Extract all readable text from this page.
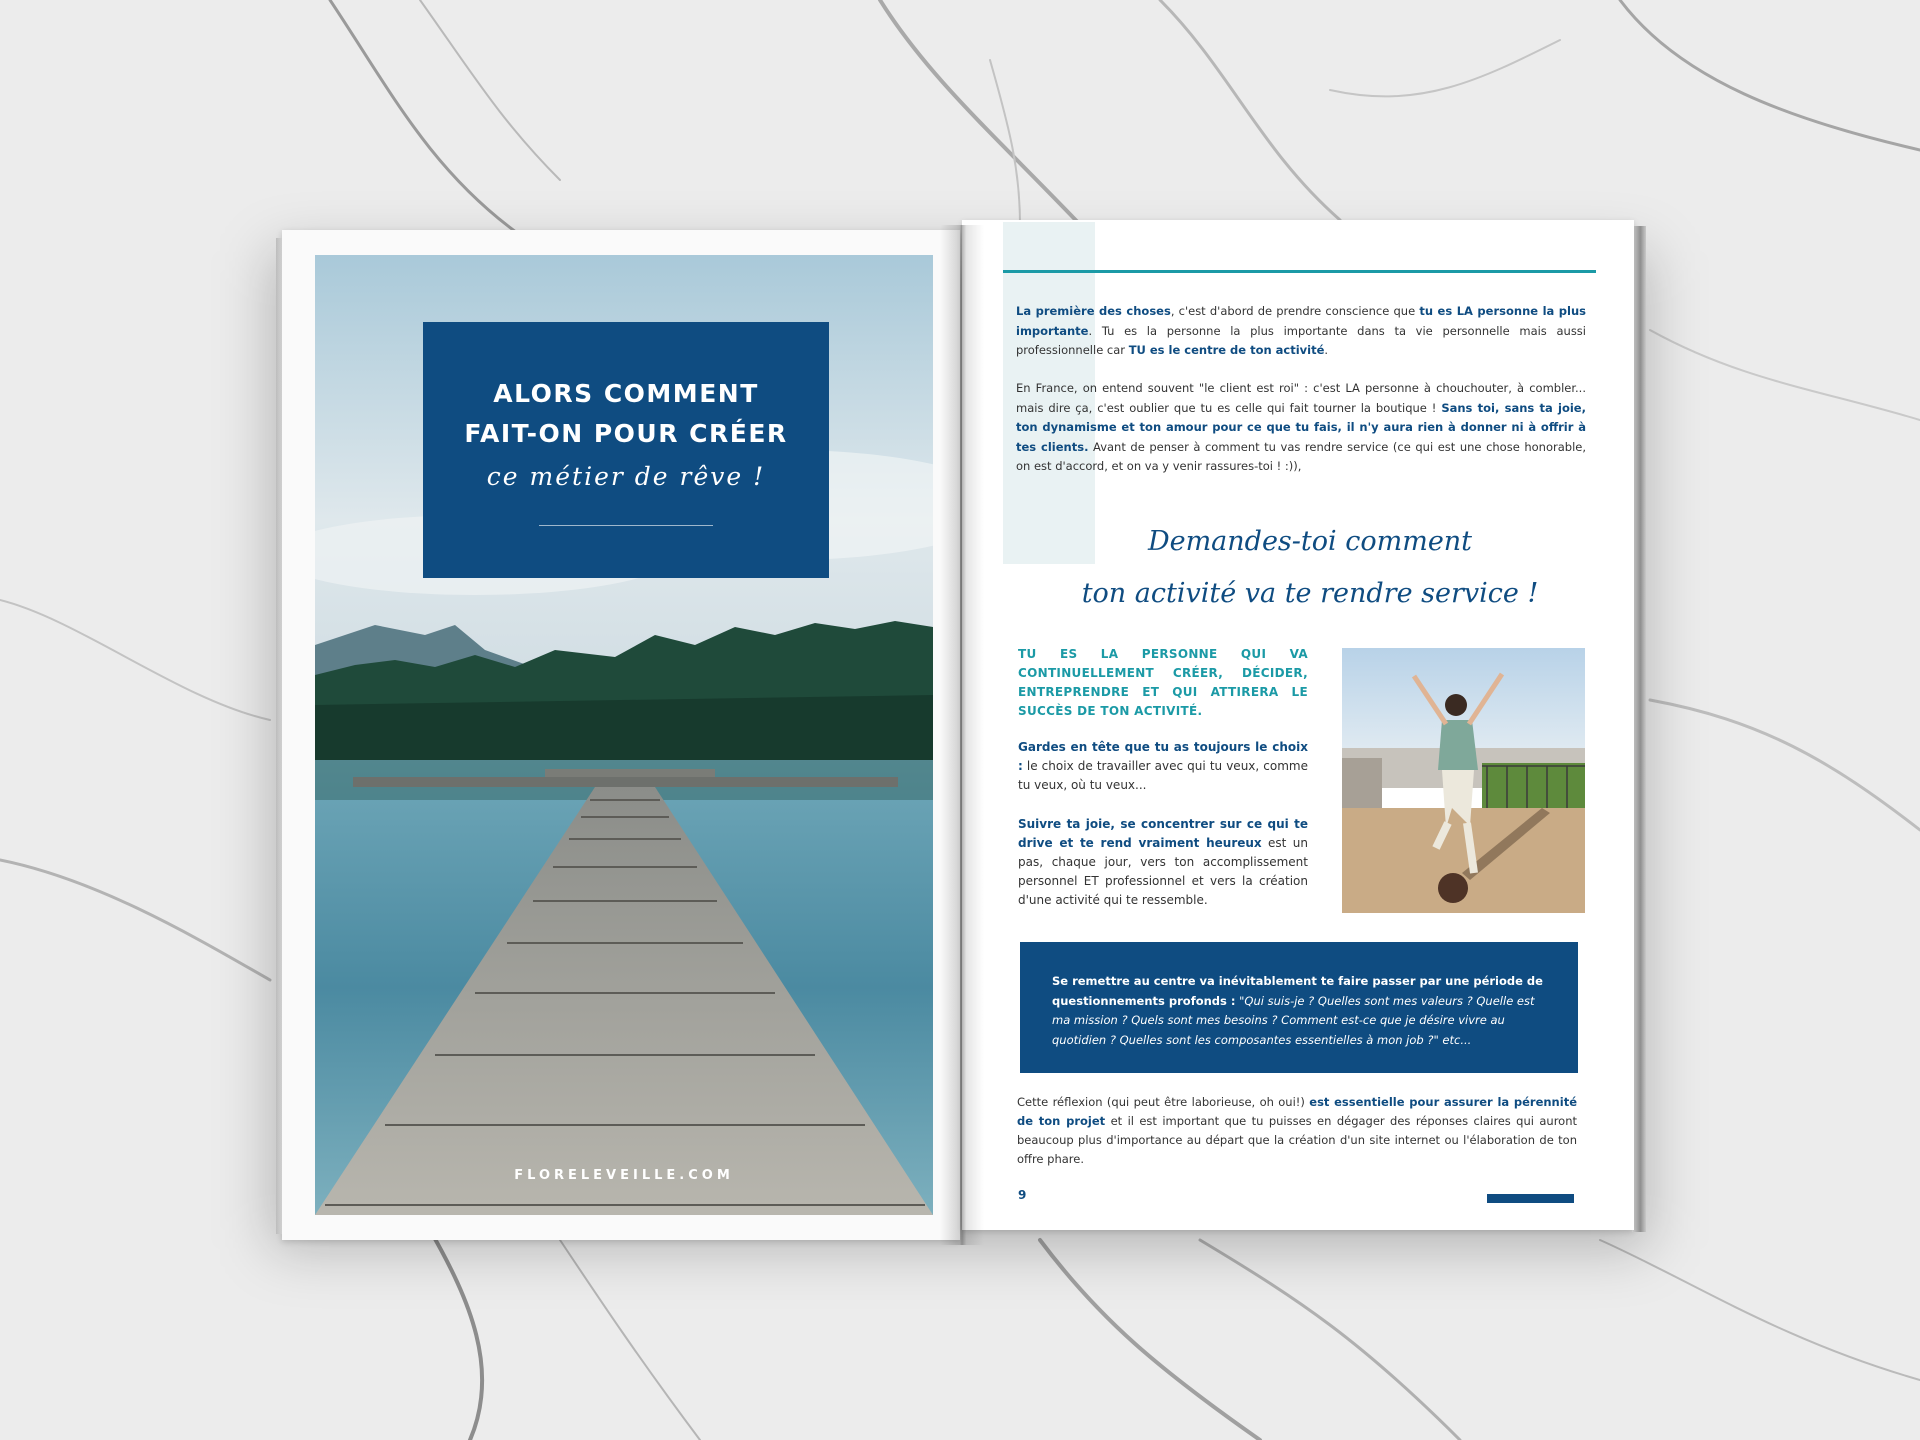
ALORS COMMENT
FAIT-ON POUR CRÉER
ce métier de rêve !
FLORELEVEILLE.COM
La première des choses, c'est d'abord de prendre conscience que tu es LA personne la plus importante. Tu es la personne la plus importante dans ta vie personnelle mais aussi professionnelle car TU es le centre de ton activité.
En France, on entend souvent "le client est roi" : c'est LA personne à chouchouter, à combler... mais dire ça, c'est oublier que tu es celle qui fait tourner la boutique ! Sans toi, sans ta joie, ton dynamisme et ton amour pour ce que tu fais, il n'y aura rien à donner ni à offrir à tes clients. Avant de penser à comment tu vas rendre service (ce qui est une chose honorable, on est d'accord, et on va y venir rassures-toi ! :)),
Demandes-toi comment
ton activité va te rendre service !
TU ES LA PERSONNE QUI VA CONTINUELLEMENT CRÉER, DÉCIDER, ENTREPRENDRE ET QUI ATTIRERA LE SUCCÈS DE TON ACTIVITÉ.
Gardes en tête que tu as toujours le choix : le choix de travailler avec qui tu veux, comme tu veux, où tu veux...
Suivre ta joie, se concentrer sur ce qui te drive et te rend vraiment heureux est un pas, chaque jour, vers ton accomplissement personnel ET professionnel et vers la création d'une activité qui te ressemble.
Se remettre au centre va inévitablement te faire passer par une période de questionnements profonds : "Qui suis-je ? Quelles sont mes valeurs ? Quelle est ma mission ? Quels sont mes besoins ? Comment est-ce que je désire vivre au quotidien ? Quelles sont les composantes essentielles à mon job ?" etc...
Cette réflexion (qui peut être laborieuse, oh oui!) est essentielle pour assurer la pérennité de ton projet et il est important que tu puisses en dégager des réponses claires qui auront beaucoup plus d'importance au départ que la création d'un site internet ou l'élaboration de ton offre phare.
9
